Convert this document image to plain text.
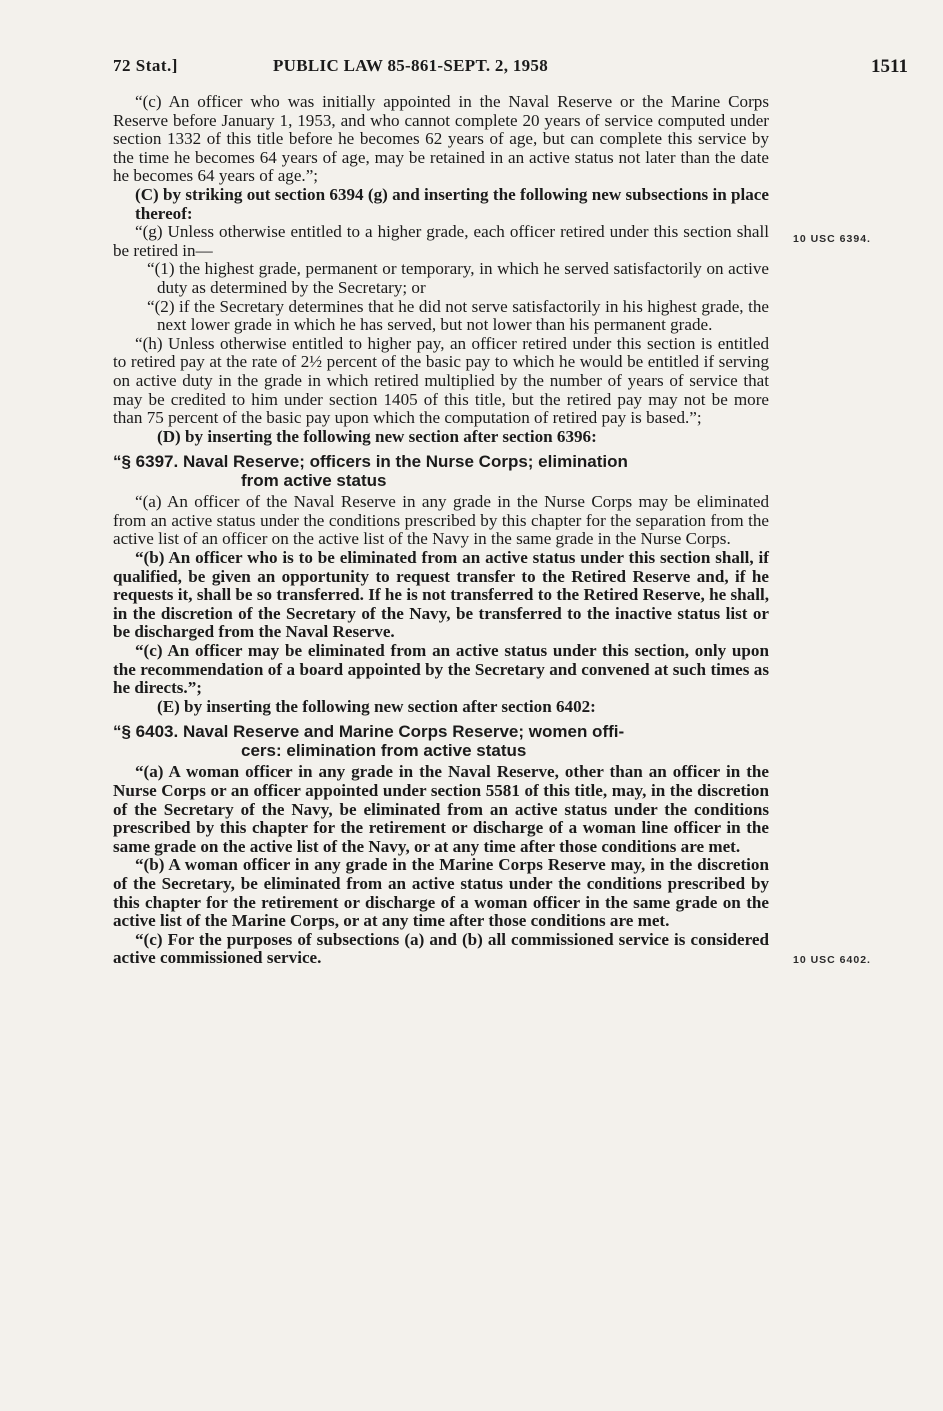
72 Stat.]	PUBLIC LAW 85-861-SEPT. 2, 1958	1511
10 USC 6394.
10 USC 6402.

“(c) An officer who was initially appointed in the Naval Reserve or the Marine Corps Reserve before January 1, 1953, and who cannot complete 20 years of service computed under section 1332 of this title before he becomes 62 years of age, but can complete this service by the time he becomes 64 years of age, may be retained in an active status not later than the date he becomes 64 years of age.”;

(C) by striking out section 6394 (g) and inserting the following new subsections in place thereof:

“(g) Unless otherwise entitled to a higher grade, each officer retired under this section shall be retired in—

“(1) the highest grade, permanent or temporary, in which he served satisfactorily on active duty as determined by the Secretary; or

“(2) if the Secretary determines that he did not serve satisfactorily in his highest grade, the next lower grade in which he has served, but not lower than his permanent grade.

“(h) Unless otherwise entitled to higher pay, an officer retired under this section is entitled to retired pay at the rate of 2½ percent of the basic pay to which he would be entitled if serving on active duty in the grade in which retired multiplied by the number of years of service that may be credited to him under section 1405 of this title, but the retired pay may not be more than 75 percent of the basic pay upon which the computation of retired pay is based.”;

(D) by inserting the following new section after section 6396:

“§ 6397. Naval Reserve; officers in the Nurse Corps; elimination
from active status

“(a) An officer of the Naval Reserve in any grade in the Nurse Corps may be eliminated from an active status under the conditions prescribed by this chapter for the separation from the active list of an officer on the active list of the Navy in the same grade in the Nurse Corps.

“(b) An officer who is to be eliminated from an active status under this section shall, if qualified, be given an opportunity to request transfer to the Retired Reserve and, if he requests it, shall be so transferred. If he is not transferred to the Retired Reserve, he shall, in the discretion of the Secretary of the Navy, be transferred to the inactive status list or be discharged from the Naval Reserve.

“(c) An officer may be eliminated from an active status under this section, only upon the recommendation of a board appointed by the Secretary and convened at such times as he directs.”;

(E) by inserting the following new section after section 6402:

“§ 6403. Naval Reserve and Marine Corps Reserve; women offi-
cers: elimination from active status

“(a) A woman officer in any grade in the Naval Reserve, other than an officer in the Nurse Corps or an officer appointed under section 5581 of this title, may, in the discretion of the Secretary of the Navy, be eliminated from an active status under the conditions prescribed by this chapter for the retirement or discharge of a woman line officer in the same grade on the active list of the Navy, or at any time after those conditions are met.

“(b) A woman officer in any grade in the Marine Corps Reserve may, in the discretion of the Secretary, be eliminated from an active status under the conditions prescribed by this chapter for the retirement or discharge of a woman officer in the same grade on the active list of the Marine Corps, or at any time after those conditions are met.

“(c) For the purposes of subsections (a) and (b) all commissioned service is considered active commissioned service.
